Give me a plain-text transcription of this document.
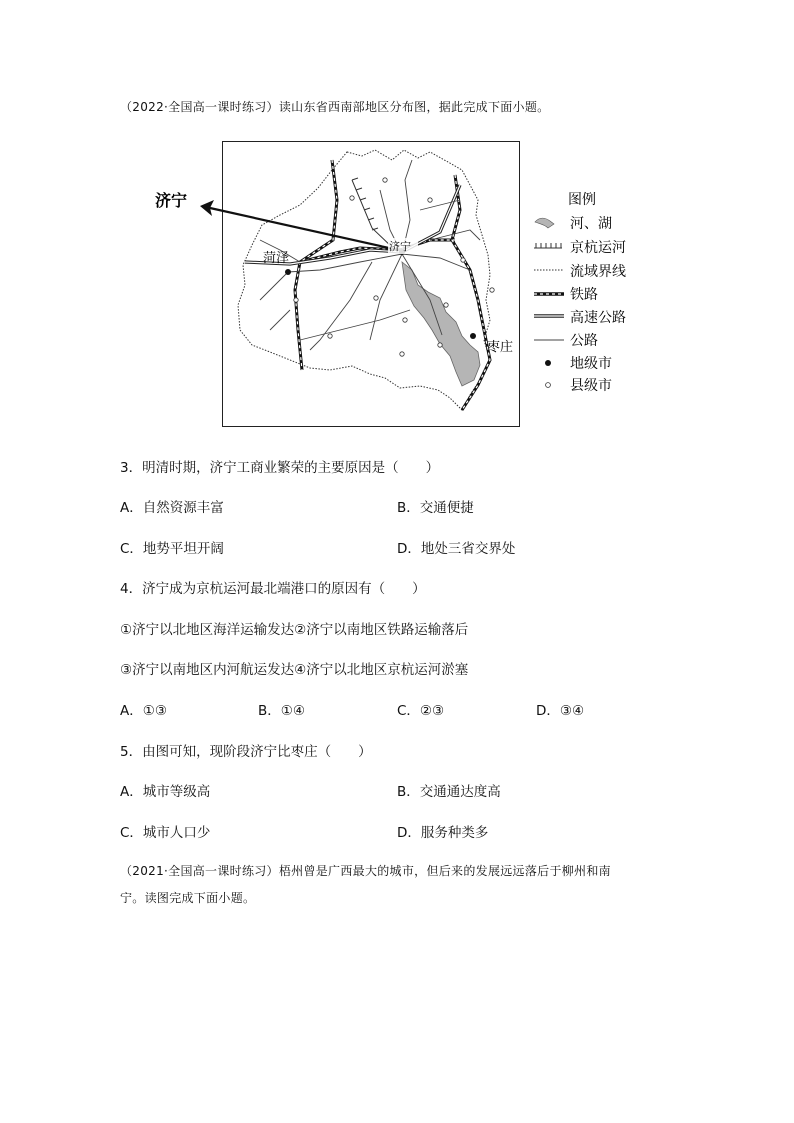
（2022·全国高一课时练习）读山东省西南部地区分布图，据此完成下面小题。
济宁
菏泽
济宁
枣庄
图例
河、湖
京杭运河
流域界线
铁路
高速公路
公路
地级市
县级市
3．明清时期，济宁工商业繁荣的主要原因是（　　）
A．自然资源丰富	B．交通便捷
C．地势平坦开阔	D．地处三省交界处
4．济宁成为京杭运河最北端港口的原因有（　　）
①济宁以北地区海洋运输发达②济宁以南地区铁路运输落后
③济宁以南地区内河航运发达④济宁以北地区京杭运河淤塞
A．①③	B．①④	C．②③	D．③④
5．由图可知，现阶段济宁比枣庄（　　）
A．城市等级高	B．交通通达度高
C．城市人口少	D．服务种类多
（2021·全国高一课时练习）梧州曾是广西最大的城市，但后来的发展远远落后于柳州和南
宁。读图完成下面小题。
